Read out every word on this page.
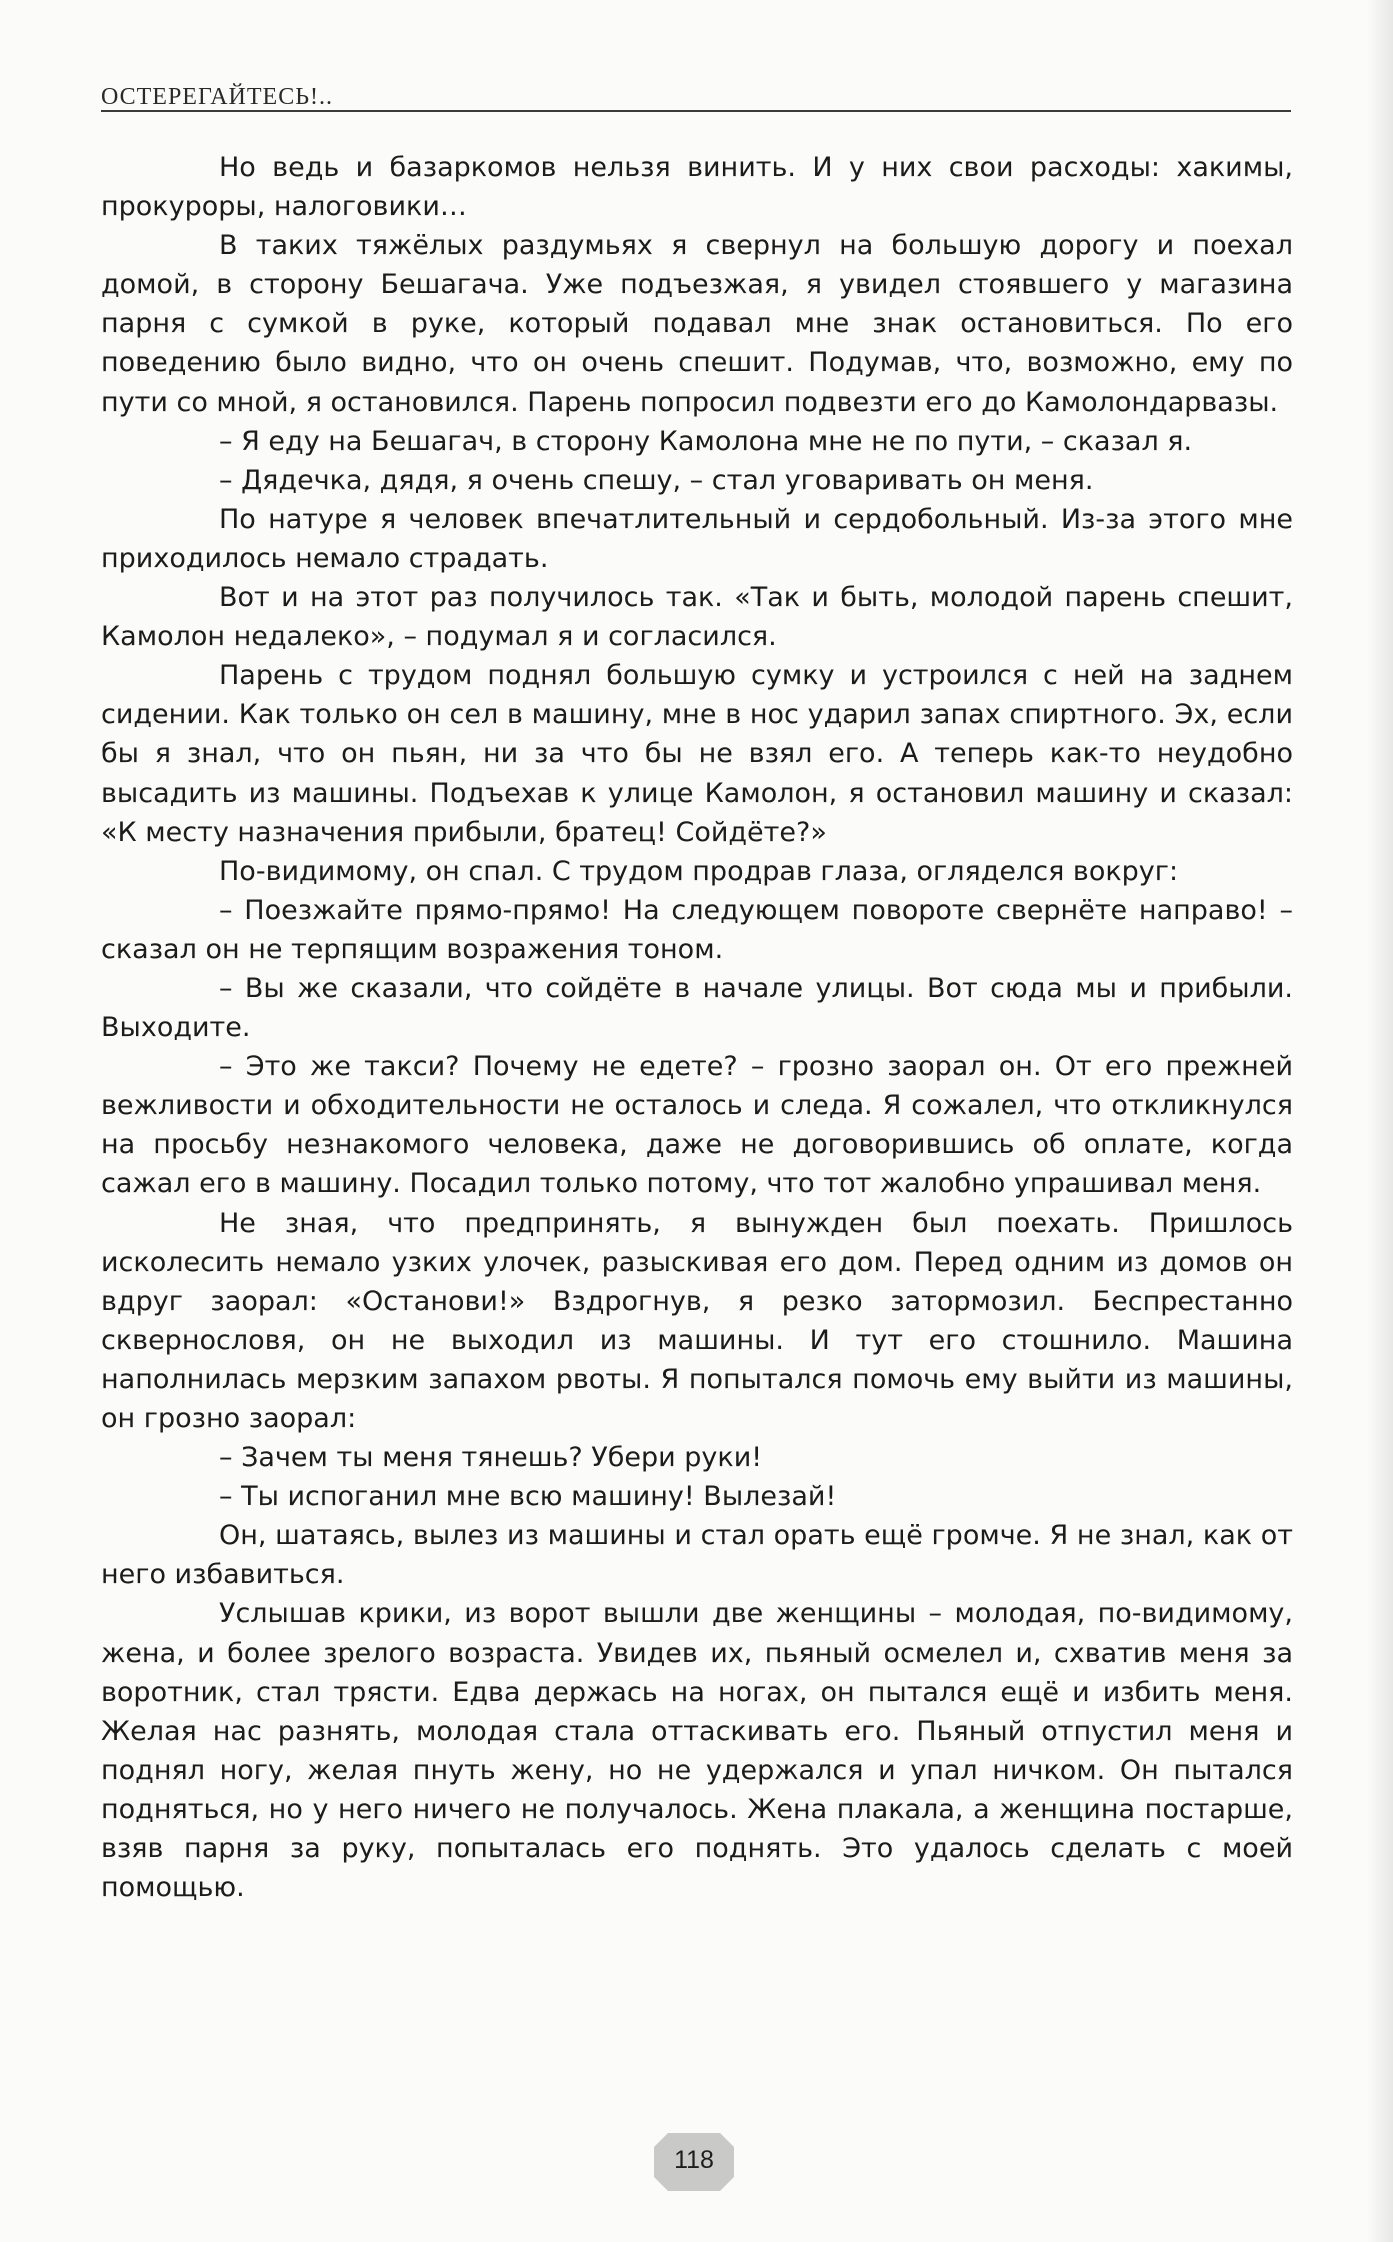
ОСТЕРЕГАЙТЕСЬ!..

Но ведь и базаркомов нельзя винить. И у них свои расходы: хакимы, прокуроры, налоговики…

В таких тяжёлых раздумьях я свернул на большую дорогу и поехал домой, в сторону Бешагача. Уже подъезжая, я увидел стоявшего у магазина парня с сумкой в руке, который подавал мне знак остановиться. По его поведению было видно, что он очень спешит. Подумав, что, возможно, ему по пути со мной, я остановился. Парень попросил подвезти его до Камолондарвазы.

– Я еду на Бешагач, в сторону Камолона мне не по пути, – сказал я.

– Дядечка, дядя, я очень спешу, – стал уговаривать он меня.

По натуре я человек впечатлительный и сердобольный. Из-за этого мне приходилось немало страдать.

Вот и на этот раз получилось так. «Так и быть, молодой парень спешит, Камолон недалеко», – подумал я и согласился.

Парень с трудом поднял большую сумку и устроился с ней на заднем сидении. Как только он сел в машину, мне в нос ударил запах спиртного. Эх, если бы я знал, что он пьян, ни за что бы не взял его. А теперь как-то неудобно высадить из машины. Подъехав к улице Камолон, я остановил машину и сказал: «К месту назначения прибыли, братец! Сойдёте?»

По-видимому, он спал. С трудом продрав глаза, огляделся вокруг:

– Поезжайте прямо-прямо! На следующем повороте свернёте направо! – сказал он не терпящим возражения тоном.

– Вы же сказали, что сойдёте в начале улицы. Вот сюда мы и прибыли. Выходите.

– Это же такси? Почему не едете? – грозно заорал он. От его прежней вежливости и обходительности не осталось и следа. Я сожалел, что откликнулся на просьбу незнакомого человека, даже не договорившись об оплате, когда сажал его в машину. Посадил только потому, что тот жалобно упрашивал меня.

Не зная, что предпринять, я вынужден был поехать. Пришлось исколесить немало узких улочек, разыскивая его дом. Перед одним из домов он вдруг заорал: «Останови!» Вздрогнув, я резко затормозил. Беспрестанно сквернословя, он не выходил из машины. И тут его стошнило. Машина наполнилась мерзким запахом рвоты. Я попытался помочь ему выйти из машины, он грозно заорал:

– Зачем ты меня тянешь? Убери руки!

– Ты испоганил мне всю машину! Вылезай!

Он, шатаясь, вылез из машины и стал орать ещё громче. Я не знал, как от него избавиться.

Услышав крики, из ворот вышли две женщины – молодая, по-видимому, жена, и более зрелого возраста. Увидев их, пьяный осмелел и, схватив меня за воротник, стал трясти. Едва держась на ногах, он пытался ещё и избить меня. Желая нас разнять, молодая стала оттаскивать его. Пьяный отпустил меня и поднял ногу, желая пнуть жену, но не удержался и упал ничком. Он пытался подняться, но у него ничего не получалось. Жена плакала, а женщина постарше, взяв парня за руку, попыталась его поднять. Это удалось сделать с моей помощью.

118
